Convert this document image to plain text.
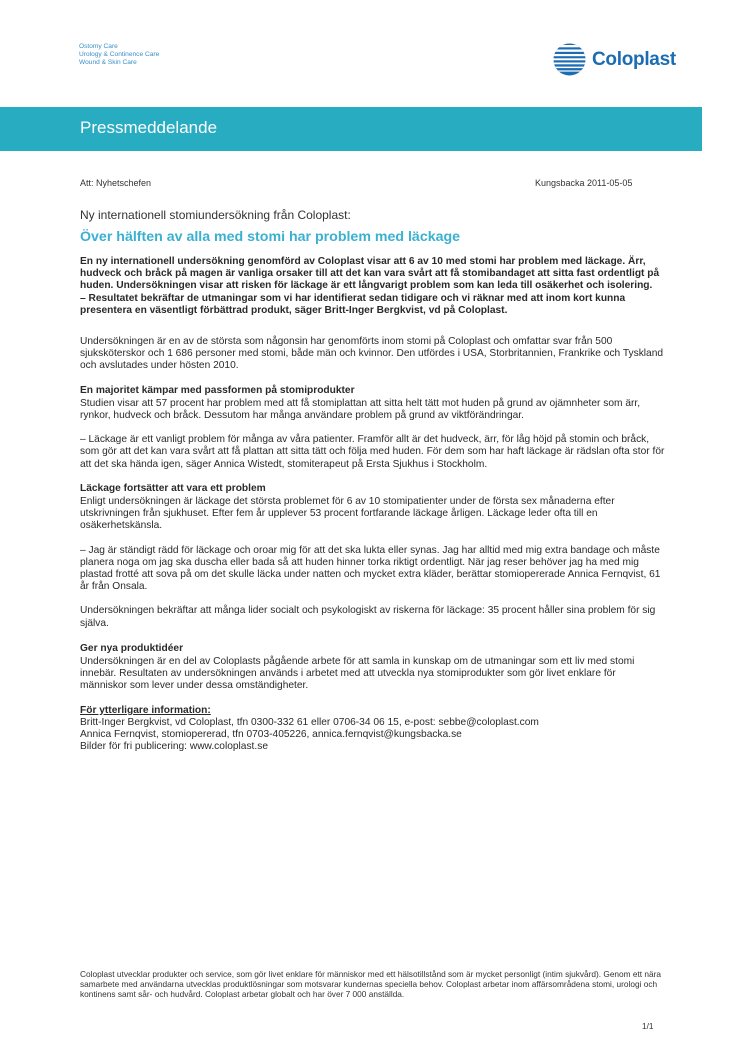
Ostomy Care
Urology & Continence Care
Wound & Skin Care	Coloplast
Pressmeddelande
Att: Nyhetschefen	Kungsbacka 2011-05-05
Ny internationell stomiundersökning från Coloplast:
Över hälften av alla med stomi har problem med läckage
En ny internationell undersökning genomförd av Coloplast visar att 6 av 10 med stomi har problem med läckage. Ärr, hudveck och bråck på magen är vanliga orsaker till att det kan vara svårt att få stomibandaget att sitta fast ordentligt på huden. Undersökningen visar att risken för läckage är ett långvarigt problem som kan leda till osäkerhet och isolering.
– Resultatet bekräftar de utmaningar som vi har identifierat sedan tidigare och vi räknar med att inom kort kunna presentera en väsentligt förbättrad produkt, säger Britt-Inger Bergkvist, vd på Coloplast.

Undersökningen är en av de största som någonsin har genomförts inom stomi på Coloplast och omfattar svar från 500 sjuksköterskor och 1 686 personer med stomi, både män och kvinnor. Den utfördes i USA, Storbritannien, Frankrike och Tyskland och avslutades under hösten 2010.

En majoritet kämpar med passformen på stomiprodukter

Studien visar att 57 procent har problem med att få stomiplattan att sitta helt tätt mot huden på grund av ojämnheter som ärr, rynkor, hudveck och bråck. Dessutom har många användare problem på grund av viktförändringar.

– Läckage är ett vanligt problem för många av våra patienter. Framför allt är det hudveck, ärr, för låg höjd på stomin och bråck, som gör att det kan vara svårt att få plattan att sitta tätt och följa med huden. För dem som har haft läckage är rädslan ofta stor för att det ska hända igen, säger Annica Wistedt, stomiterapeut på Ersta Sjukhus i Stockholm.

Läckage fortsätter att vara ett problem

Enligt undersökningen är läckage det största problemet för 6 av 10 stomipatienter under de första sex månaderna efter utskrivningen från sjukhuset. Efter fem år upplever 53 procent fortfarande läckage årligen. Läckage leder ofta till en osäkerhetskänsla.

– Jag är ständigt rädd för läckage och oroar mig för att det ska lukta eller synas. Jag har alltid med mig extra bandage och måste planera noga om jag ska duscha eller bada så att huden hinner torka riktigt ordentligt. När jag reser behöver jag ha med mig plastad frotté att sova på om det skulle läcka under natten och mycket extra kläder, berättar stomiopererade Annica Fernqvist, 61 år från Onsala.

Undersökningen bekräftar att många lider socialt och psykologiskt av riskerna för läckage: 35 procent håller sina problem för sig själva.

Ger nya produktidéer

Undersökningen är en del av Coloplasts pågående arbete för att samla in kunskap om de utmaningar som ett liv med stomi innebär. Resultaten av undersökningen används i arbetet med att utveckla nya stomiprodukter som gör livet enklare för människor som lever under dessa omständigheter.

För ytterligare information:
Britt-Inger Bergkvist, vd Coloplast, tfn 0300-332 61 eller 0706-34 06 15, e-post: sebbe@coloplast.com
Annica Fernqvist, stomiopererad, tfn 0703-405226, annica.fernqvist@kungsbacka.se
Bilder för fri publicering: www.coloplast.se
Coloplast utvecklar produkter och service, som gör livet enklare för människor med ett hälsotillstånd som är mycket personligt (intim sjukvård). Genom ett nära samarbete med användarna utvecklas produktlösningar som motsvarar kundernas speciella behov. Coloplast arbetar inom affärsområdena stomi, urologi och kontinens samt sår- och hudvård. Coloplast arbetar globalt och har över 7 000 anställda.
1/1
